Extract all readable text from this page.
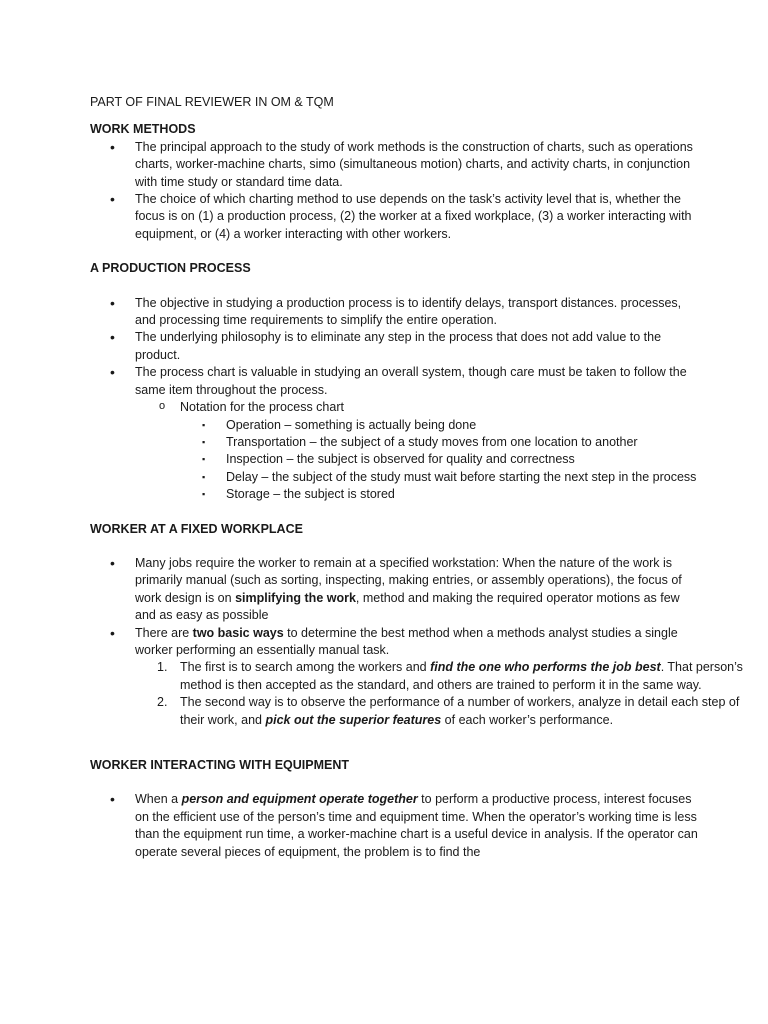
PART OF FINAL REVIEWER IN OM & TQM

WORK METHODS

• The principal approach to the study of work methods is the construction of charts, such as operations charts, worker-machine charts, simo (simultaneous motion) charts, and activity charts, in conjunction with time study or standard time data.
• The choice of which charting method to use depends on the task’s activity level that is, whether the focus is on (1) a production process, (2) the worker at a fixed workplace, (3) a worker interacting with equipment, or (4) a worker interacting with other workers.

A PRODUCTION PROCESS

• The objective in studying a production process is to identify delays, transport distances. processes, and processing time requirements to simplify the entire operation.
• The underlying philosophy is to eliminate any step in the process that does not add value to the product.
• The process chart is valuable in studying an overall system, though care must be taken to follow the same item throughout the process.
o Notation for the process chart
▪ Operation – something is actually being done
▪ Transportation – the subject of a study moves from one location to another
▪ Inspection – the subject is observed for quality and correctness
▪ Delay – the subject of the study must wait before starting the next step in the process
▪ Storage – the subject is stored

WORKER AT A FIXED WORKPLACE

• Many jobs require the worker to remain at a specified workstation: When the nature of the work is primarily manual (such as sorting, inspecting, making entries, or assembly operations), the focus of work design is on simplifying the work, method and making the required operator motions as few and as easy as possible
• There are two basic ways to determine the best method when a methods analyst studies a single worker performing an essentially manual task.
1. The first is to search among the workers and find the one who performs the job best. That person’s method is then accepted as the standard, and others are trained to perform it in the same way.
2. The second way is to observe the performance of a number of workers, analyze in detail each step of their work, and pick out the superior features of each worker’s performance.

WORKER INTERACTING WITH EQUIPMENT

• When a person and equipment operate together to perform a productive process, interest focuses on the efficient use of the person’s time and equipment time. When the operator’s working time is less than the equipment run time, a worker-machine chart is a useful device in analysis. If the operator can operate several pieces of equipment, the problem is to find the
